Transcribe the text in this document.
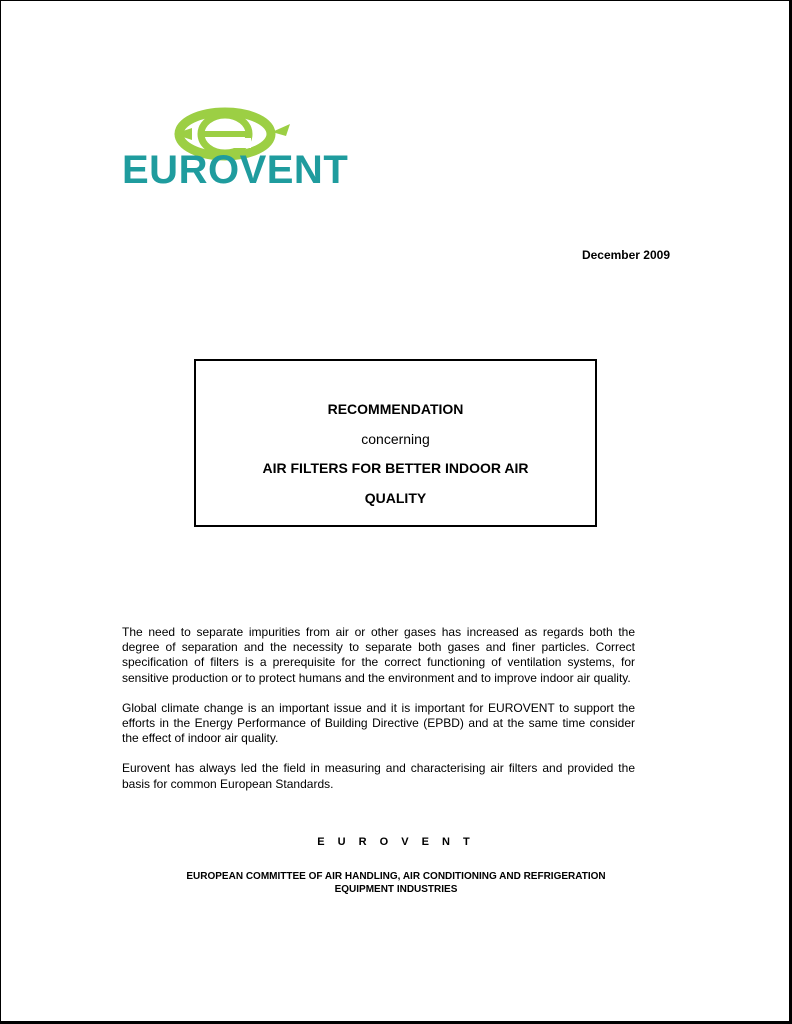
EUROVENT
December 2009

RECOMMENDATION

concerning

AIR FILTERS FOR BETTER INDOOR AIR

QUALITY

The need to separate impurities from air or other gases has increased as regards both the degree of separation and the necessity to separate both gases and finer particles. Correct specification of filters is a prerequisite for the correct functioning of ventilation systems, for sensitive production or to protect humans and the environment and to improve indoor air quality.

Global climate change is an important issue and it is important for EUROVENT to support the efforts in the Energy Performance of Building Directive (EPBD) and at the same time consider the effect of indoor air quality.

Eurovent has always led the field in measuring and characterising air filters and provided the basis for common European Standards.

E U R O V E N T
EUROPEAN COMMITTEE OF AIR HANDLING, AIR CONDITIONING AND REFRIGERATION
EQUIPMENT INDUSTRIES
